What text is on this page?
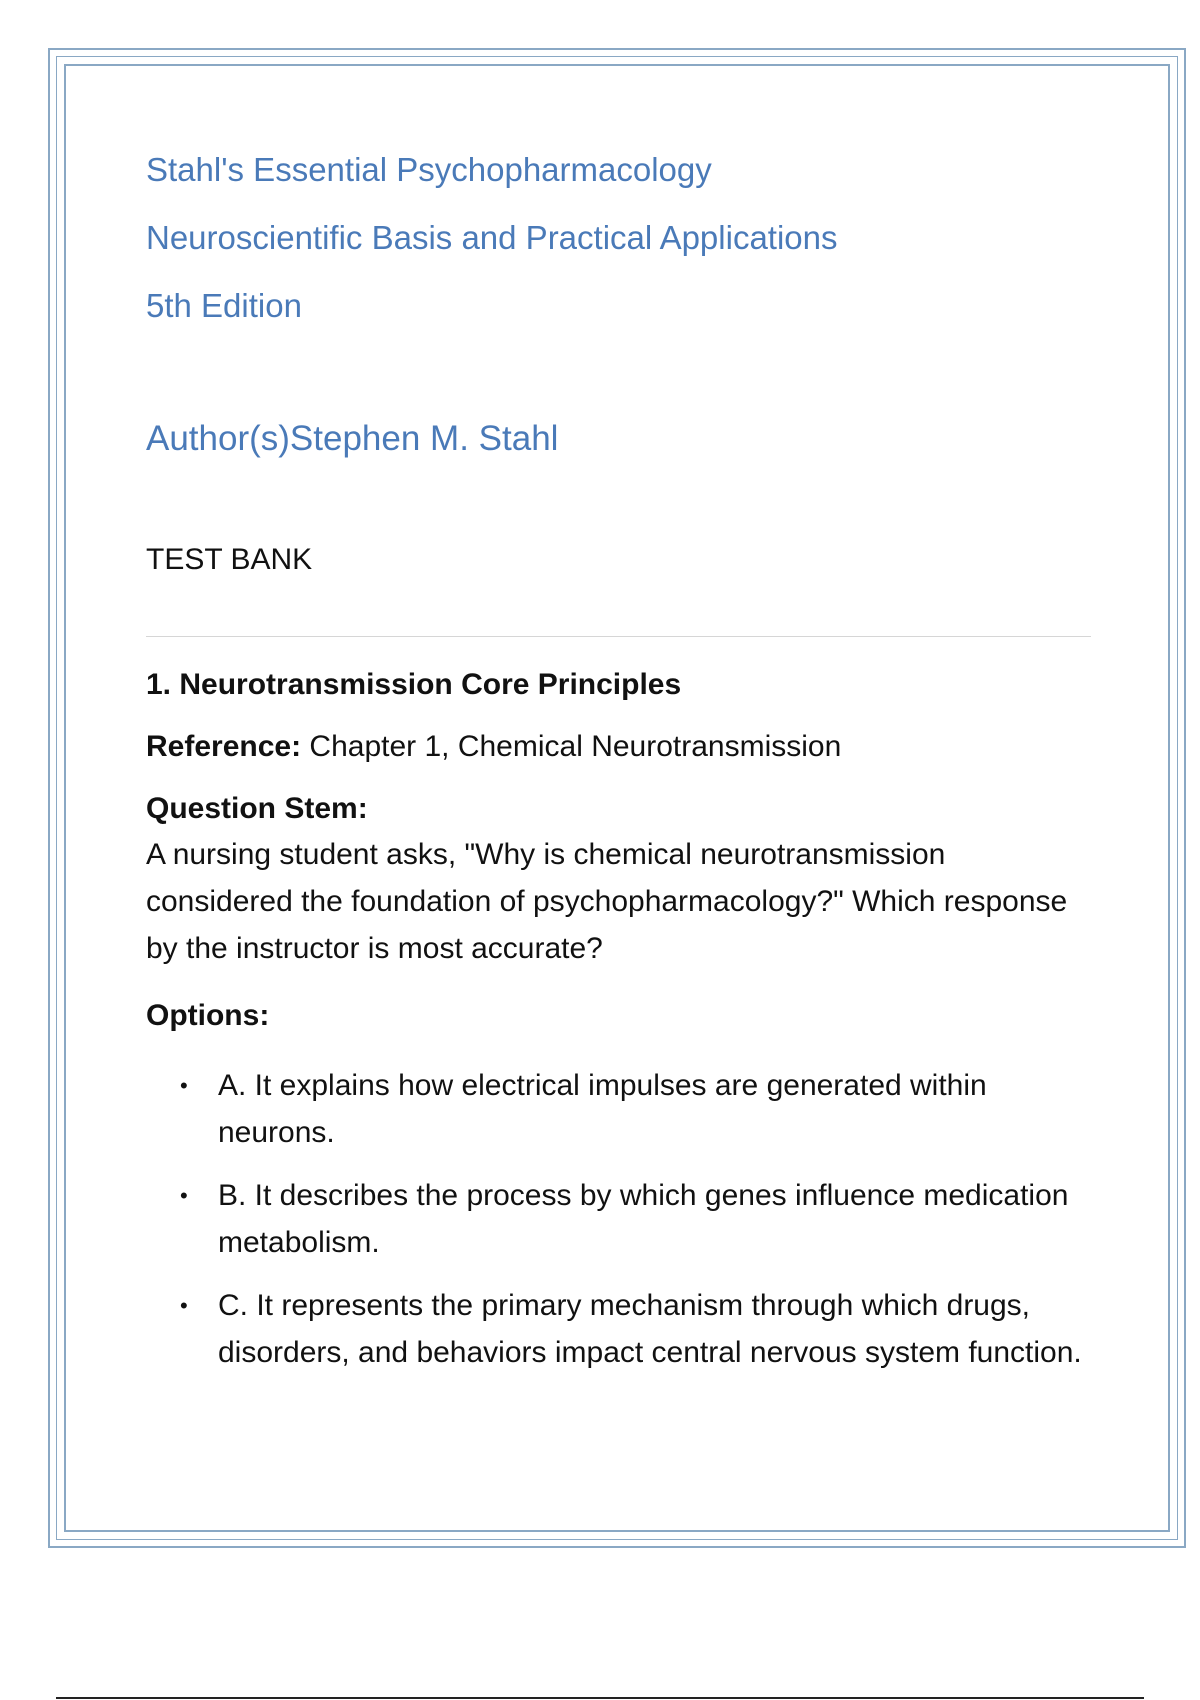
Stahl's Essential Psychopharmacology
Neuroscientific Basis and Practical Applications
5th Edition
Author(s)Stephen M. Stahl
TEST BANK
1. Neurotransmission Core Principles
Reference: Chapter 1, Chemical Neurotransmission
Question Stem:
A nursing student asks, "Why is chemical neurotransmission considered the foundation of psychopharmacology?" Which response by the instructor is most accurate?
Options:
• A. It explains how electrical impulses are generated within neurons.
• B. It describes the process by which genes influence medication metabolism.
• C. It represents the primary mechanism through which drugs, disorders, and behaviors impact central nervous system function.
